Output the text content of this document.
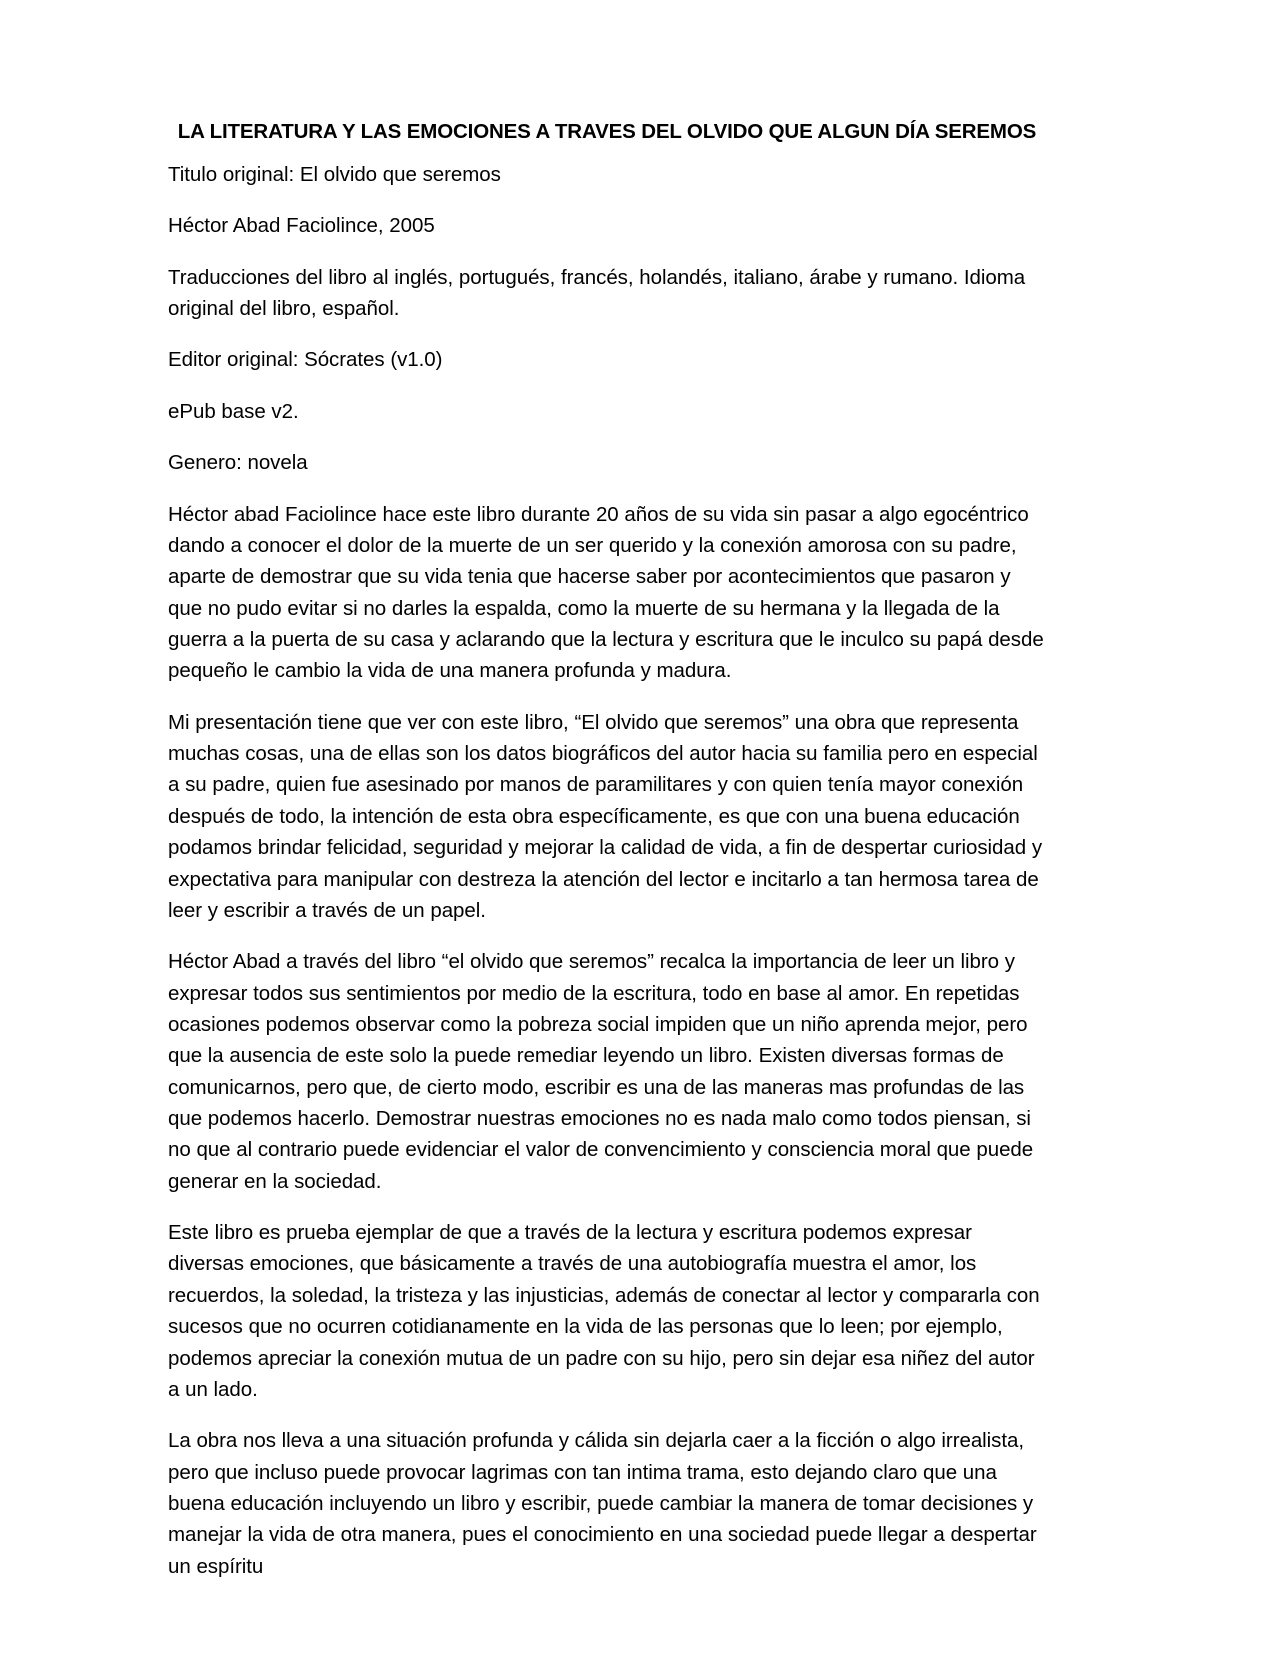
LA LITERATURA Y LAS EMOCIONES A TRAVES DEL OLVIDO QUE ALGUN DÍA SEREMOS

Titulo original: El olvido que seremos

Héctor Abad Faciolince, 2005

Traducciones del libro al inglés, portugués, francés, holandés, italiano, árabe y rumano. Idioma original del libro, español.

Editor original: Sócrates (v1.0)

ePub base v2.

Genero: novela

Héctor abad Faciolince hace este libro durante 20 años de su vida sin pasar a algo egocéntrico dando a conocer el dolor de la muerte de un ser querido y la conexión amorosa con su padre, aparte de demostrar que su vida tenia que hacerse saber por acontecimientos que pasaron y que no pudo evitar si no darles la espalda, como la muerte de su hermana y la llegada de la guerra a la puerta de su casa y aclarando que la lectura y escritura que le inculco su papá desde pequeño le cambio la vida de una manera profunda y madura.

Mi presentación tiene que ver con este libro, “El olvido que seremos” una obra que representa muchas cosas, una de ellas son los datos biográficos del autor hacia su familia pero en especial a su padre, quien fue asesinado por manos de paramilitares y con quien tenía mayor conexión después de todo, la intención de esta obra específicamente, es que con una buena educación podamos brindar felicidad, seguridad y mejorar la calidad de vida, a fin de despertar curiosidad y expectativa para manipular con destreza la atención del lector e incitarlo a tan hermosa tarea de leer y escribir a través de un papel.

Héctor Abad a través del libro “el olvido que seremos” recalca la importancia de leer un libro y expresar todos sus sentimientos por medio de la escritura, todo en base al amor. En repetidas ocasiones podemos observar como la pobreza social impiden que un niño aprenda mejor, pero que la ausencia de este solo la puede remediar leyendo un libro. Existen diversas formas de comunicarnos, pero que, de cierto modo, escribir es una de las maneras mas profundas de las que podemos hacerlo. Demostrar nuestras emociones no es nada malo como todos piensan, si no que al contrario puede evidenciar el valor de convencimiento y consciencia moral que puede generar en la sociedad.

Este libro es prueba ejemplar de que a través de la lectura y escritura podemos expresar diversas emociones, que básicamente a través de una autobiografía muestra el amor, los recuerdos, la soledad, la tristeza y las injusticias, además de conectar al lector y compararla con sucesos que no ocurren cotidianamente en la vida de las personas que lo leen; por ejemplo, podemos apreciar la conexión mutua de un padre con su hijo, pero sin dejar esa niñez del autor a un lado.

La obra nos lleva a una situación profunda y cálida sin dejarla caer a la ficción o algo irrealista, pero que incluso puede provocar lagrimas con tan intima trama, esto dejando claro que una buena educación incluyendo un libro y escribir, puede cambiar la manera de tomar decisiones y manejar la vida de otra manera, pues el conocimiento en una sociedad puede llegar a despertar un espíritu
